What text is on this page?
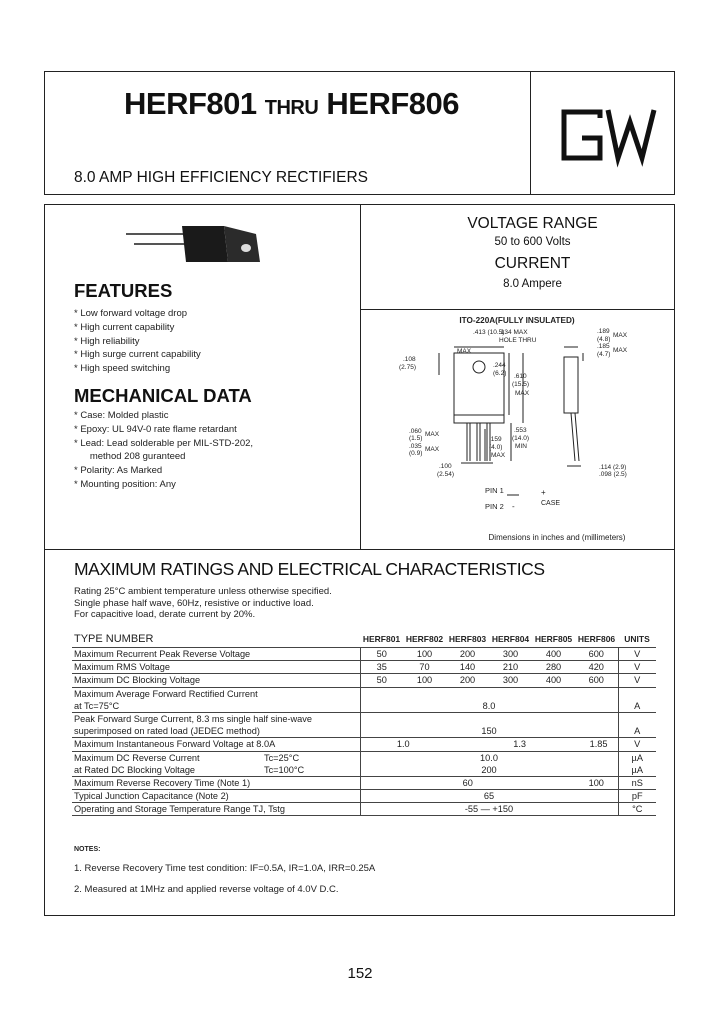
HERF801 THRU HERF806
8.0 AMP HIGH EFFICIENCY RECTIFIERS
VOLTAGE RANGE
50 to 600 Volts
CURRENT
8.0 Ampere
FEATURES
* Low forward voltage drop
* High current capability
* High reliability
* High surge current capability
* High speed switching
MECHANICAL DATA
* Case: Molded plastic
* Epoxy: UL 94V-0 rate flame retardant
* Lead: Lead solderable per MIL-STD-202,
method 208 guranteed
* Polarity: As Marked
* Mounting position: Any
ITO-220A(FULLY INSULATED)
.413 (10.5)
MAX
.134 MAX
HOLE THRU
.189
(4.8)
MAX
.185
(4.7)
MAX
.108
(2.75)	.244
(6.2) .610
(15.5)
MAX
.060
(1.5)
MAX
.035
(0.9)
MAX
.553
(14.0)
MIN
.159
(4.0)
MAX
.100
(2.54)
.114 (2.9)
.098 (2.5)
PIN 1
PIN 2	CASE
+
-
Dimensions in inches and (millimeters)
MAXIMUM RATINGS AND ELECTRICAL CHARACTERISTICS
Rating 25°C ambient temperature unless otherwise specified.
Single phase half wave, 60Hz, resistive or inductive load.
For capacitive load, derate current by 20%.
TYPE NUMBER	HERF801	HERF802	HERF803	HERF804	HERF805	HERF806	UNITS
Maximum Recurrent Peak Reverse Voltage	50	100	200	300	400	600	V
Maximum RMS Voltage	35	70	140	210	280	420	V
Maximum DC Blocking Voltage	50	100	200	300	400	600	V
Maximum Average Forward Rectified Current							
at Tc=75°C	8.0						A
Peak Forward Surge Current, 8.3 ms single half sine-wave							
superimposed on rated load (JEDEC method)	150						A
Maximum Instantaneous Forward Voltage at 8.0A	1.0		1.3		1.85		V
Maximum DC Reverse Current Tc=25°C	10.0						µA
at Rated DC Blocking Voltage Tc=100°C	200						µA
Maximum Reverse Recovery Time (Note 1)	60					100	nS
Typical Junction Capacitance (Note 2)	65						pF
Operating and Storage Temperature Range TJ, Tstg	-55 — +150						°C
NOTES:
1. Reverse Recovery Time test condition: IF=0.5A, IR=1.0A, IRR=0.25A
2. Measured at 1MHz and applied reverse voltage of 4.0V D.C.
152
